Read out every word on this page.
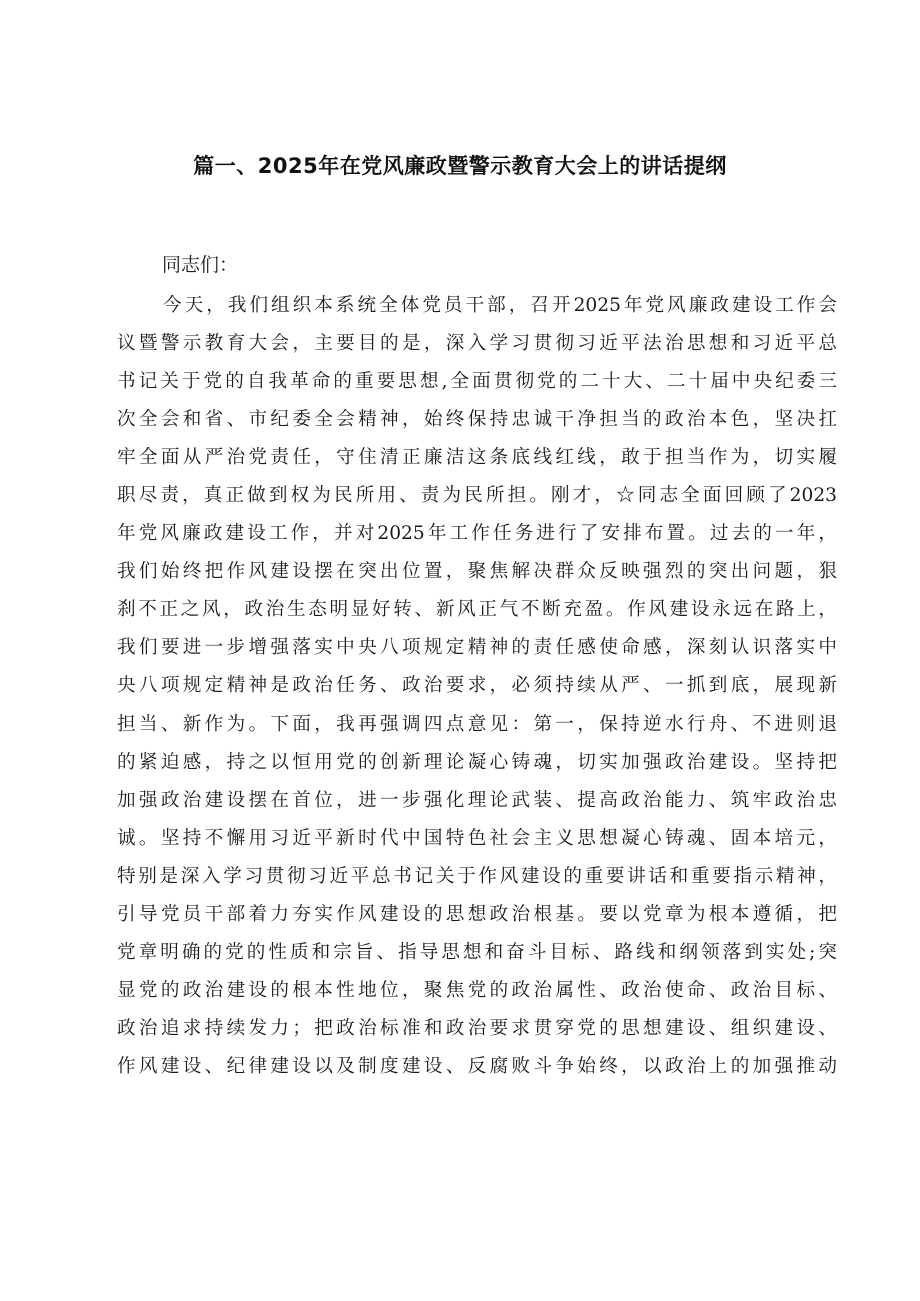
篇一、2025年在党风廉政暨警示教育大会上的讲话提纲
同志们：
今天，我们组织本系统全体党员干部，召开2025年党风廉政建设工作会
议暨警示教育大会，主要目的是，深入学习贯彻习近平法治思想和习近平总
书记关于党的自我革命的重要思想,全面贯彻党的二十大、二十届中央纪委三
次全会和省、市纪委全会精神，始终保持忠诚干净担当的政治本色，坚决扛
牢全面从严治党责任，守住清正廉洁这条底线红线，敢于担当作为，切实履
职尽责，真正做到权为民所用、责为民所担。刚才，☆同志全面回顾了2023
年党风廉政建设工作，并对2025年工作任务进行了安排布置。过去的一年，
我们始终把作风建设摆在突出位置，聚焦解决群众反映强烈的突出问题，狠
刹不正之风，政治生态明显好转、新风正气不断充盈。作风建设永远在路上，
我们要进一步增强落实中央八项规定精神的责任感使命感，深刻认识落实中
央八项规定精神是政治任务、政治要求，必须持续从严、一抓到底，展现新
担当、新作为。下面，我再强调四点意见：第一，保持逆水行舟、不进则退
的紧迫感，持之以恒用党的创新理论凝心铸魂，切实加强政治建设。坚持把
加强政治建设摆在首位，进一步强化理论武装、提高政治能力、筑牢政治忠
诚。坚持不懈用习近平新时代中国特色社会主义思想凝心铸魂、固本培元，
特别是深入学习贯彻习近平总书记关于作风建设的重要讲话和重要指示精神，
引导党员干部着力夯实作风建设的思想政治根基。要以党章为根本遵循，把
党章明确的党的性质和宗旨、指导思想和奋斗目标、路线和纲领落到实处;突
显党的政治建设的根本性地位，聚焦党的政治属性、政治使命、政治目标、
政治追求持续发力；把政治标准和政治要求贯穿党的思想建设、组织建设、
作风建设、纪律建设以及制度建设、反腐败斗争始终，以政治上的加强推动
